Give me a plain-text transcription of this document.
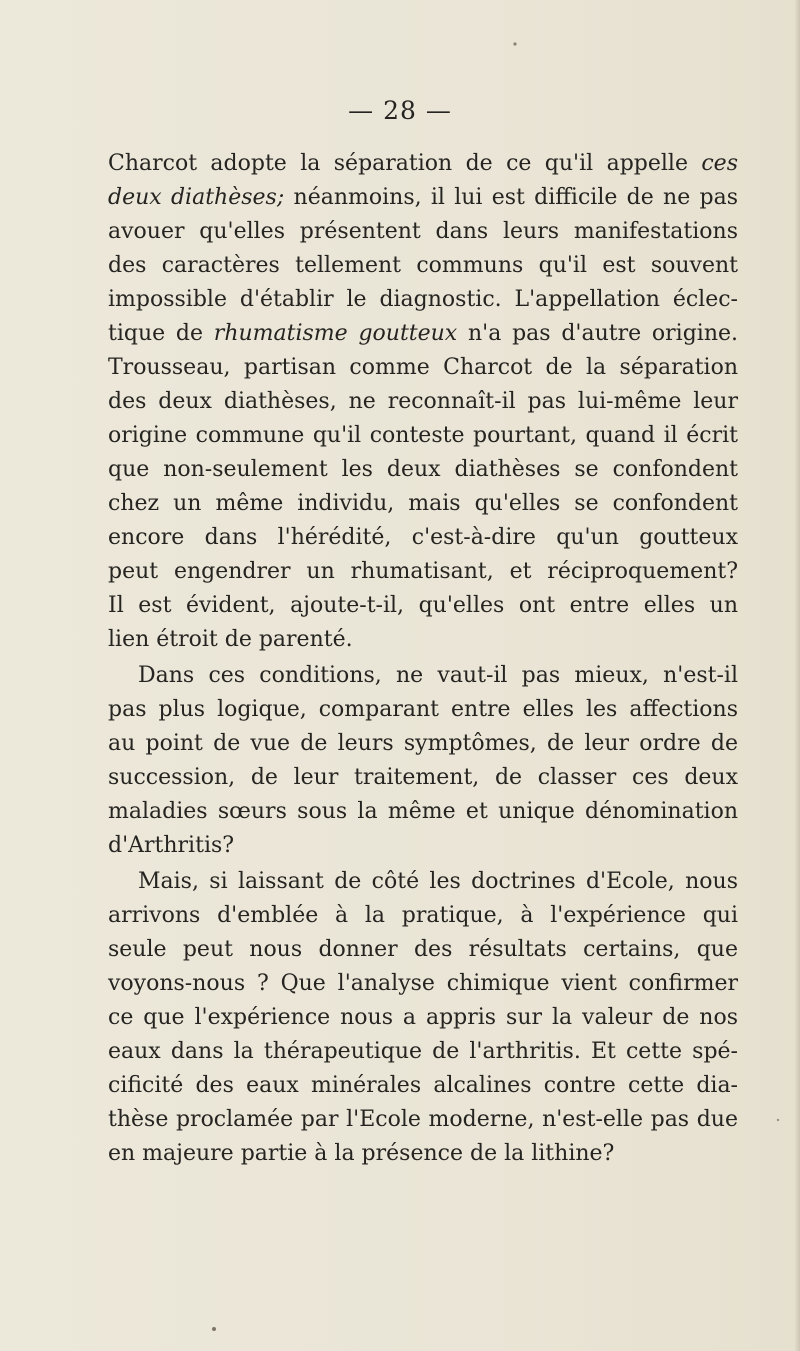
— 28 —
Charcot adopte la séparation de ce qu'il appelle ces
deux diathèses; néanmoins, il lui est difficile de ne pas
avouer qu'elles présentent dans leurs manifestations
des caractères tellement communs qu'il est souvent
impossible d'établir le diagnostic. L'appellation éclec-
tique de rhumatisme goutteux n'a pas d'autre origine.
Trousseau, partisan comme Charcot de la séparation
des deux diathèses, ne reconnaît-il pas lui-même leur
origine commune qu'il conteste pourtant, quand il écrit
que non-seulement les deux diathèses se confondent
chez un même individu, mais qu'elles se confondent
encore dans l'hérédité, c'est-à-dire qu'un goutteux
peut engendrer un rhumatisant, et réciproquement?
Il est évident, ajoute-t-il, qu'elles ont entre elles un
lien étroit de parenté.
Dans ces conditions, ne vaut-il pas mieux, n'est-il
pas plus logique, comparant entre elles les affections
au point de vue de leurs symptômes, de leur ordre de
succession, de leur traitement, de classer ces deux
maladies sœurs sous la même et unique dénomination
d'Arthritis?
Mais, si laissant de côté les doctrines d'Ecole, nous
arrivons d'emblée à la pratique, à l'expérience qui
seule peut nous donner des résultats certains, que
voyons-nous ? Que l'analyse chimique vient confirmer
ce que l'expérience nous a appris sur la valeur de nos
eaux dans la thérapeutique de l'arthritis. Et cette spé-
cificité des eaux minérales alcalines contre cette dia-
thèse proclamée par l'Ecole moderne, n'est-elle pas due
en majeure partie à la présence de la lithine?
